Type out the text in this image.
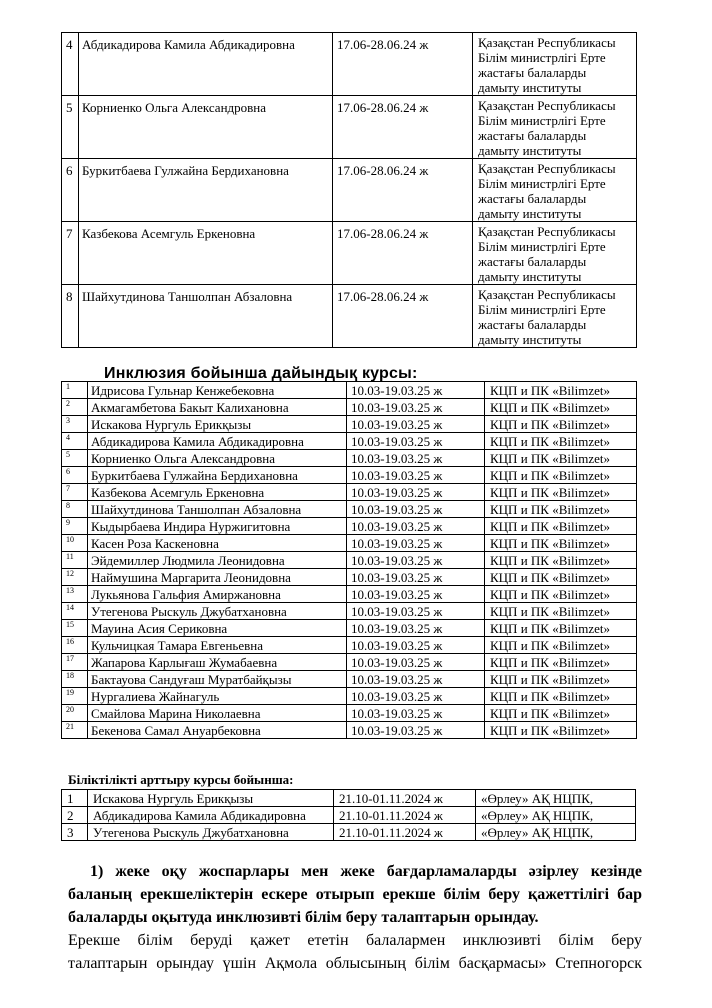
4	Абдикадирова Камила Абдикадировна	17.06-28.06.24 ж	Қазақстан Республикасы
Білім министрлігі Ерте
жастағы балаларды
дамыту институты

5	Корниенко Ольга Александровна	17.06-28.06.24 ж	Қазақстан Республикасы
Білім министрлігі Ерте
жастағы балаларды
дамыту институты

6	Буркитбаева Гулжайна Бердихановна	17.06-28.06.24 ж	Қазақстан Республикасы
Білім министрлігі Ерте
жастағы балаларды
дамыту институты

7	Казбекова Асемгуль Еркеновна	17.06-28.06.24 ж	Қазақстан Республикасы
Білім министрлігі Ерте
жастағы балаларды
дамыту институты

8	Шайхутдинова Таншолпан Абзаловна	17.06-28.06.24 ж	Қазақстан Республикасы
Білім министрлігі Ерте
жастағы балаларды
дамыту институты
Инклюзия бойынша дайындық курсы:
1	Идрисова Гульнар Кенжебековна	10.03-19.03.25 ж	КЦП и ПК «Bilimzet»
2	Акмагамбетова Бакыт Калихановна	10.03-19.03.25 ж	КЦП и ПК «Bilimzet»
3	Искакова Нургуль Ерикқызы	10.03-19.03.25 ж	КЦП и ПК «Bilimzet»
4	Абдикадирова Камила Абдикадировна	10.03-19.03.25 ж	КЦП и ПК «Bilimzet»
5	Корниенко Ольга Александровна	10.03-19.03.25 ж	КЦП и ПК «Bilimzet»
6	Буркитбаева Гулжайна Бердихановна	10.03-19.03.25 ж	КЦП и ПК «Bilimzet»
7	Казбекова Асемгуль Еркеновна	10.03-19.03.25 ж	КЦП и ПК «Bilimzet»
8	Шайхутдинова Таншолпан Абзаловна	10.03-19.03.25 ж	КЦП и ПК «Bilimzet»
9	Кыдырбаева Индира Нуржигитовна	10.03-19.03.25 ж	КЦП и ПК «Bilimzet»
10	Касен Роза Каскеновна	10.03-19.03.25 ж	КЦП и ПК «Bilimzet»
11	Эйдемиллер Людмила Леонидовна	10.03-19.03.25 ж	КЦП и ПК «Bilimzet»
12	Наймушина Маргарита Леонидовна	10.03-19.03.25 ж	КЦП и ПК «Bilimzet»
13	Лукьянова Гальфия Амиржановна	10.03-19.03.25 ж	КЦП и ПК «Bilimzet»
14	Утегенова Рыскуль Джубатхановна	10.03-19.03.25 ж	КЦП и ПК «Bilimzet»
15	Мауина Асия Сериковна	10.03-19.03.25 ж	КЦП и ПК «Bilimzet»
16	Кульчицкая Тамара Евгеньевна	10.03-19.03.25 ж	КЦП и ПК «Bilimzet»
17	Жапарова Карлығаш Жумабаевна	10.03-19.03.25 ж	КЦП и ПК «Bilimzet»
18	Бактауова Сандуғаш Муратбайқызы	10.03-19.03.25 ж	КЦП и ПК «Bilimzet»
19	Нургалиева Жайнагуль	10.03-19.03.25 ж	КЦП и ПК «Bilimzet»
20	Смайлова Марина Николаевна	10.03-19.03.25 ж	КЦП и ПК «Bilimzet»
21	Бекенова Самал Ануарбековна	10.03-19.03.25 ж	КЦП и ПК «Bilimzet»
Біліктілікті арттыру курсы бойынша:
1	Искакова Нургуль Ерикқызы	21.10-01.11.2024 ж	«Өрлеу» АҚ НЦПК,
2	Абдикадирова Камила Абдикадировна	21.10-01.11.2024 ж	«Өрлеу» АҚ НЦПК,
3	Утегенова Рыскуль Джубатхановна	21.10-01.11.2024 ж	«Өрлеу» АҚ НЦПК,

1) жеке оқу жоспарлары мен жеке бағдарламаларды әзірлеу кезінде баланың ерекшеліктерін ескере отырып ерекше білім беру қажеттілігі бар балаларды оқытуда инклюзивті білім беру талаптарын орындау.

Ерекше білім беруді қажет ететін балалармен инклюзивті білім беру

талаптарын орындау үшін Ақмола облысының білім басқармасы» Степногорск
